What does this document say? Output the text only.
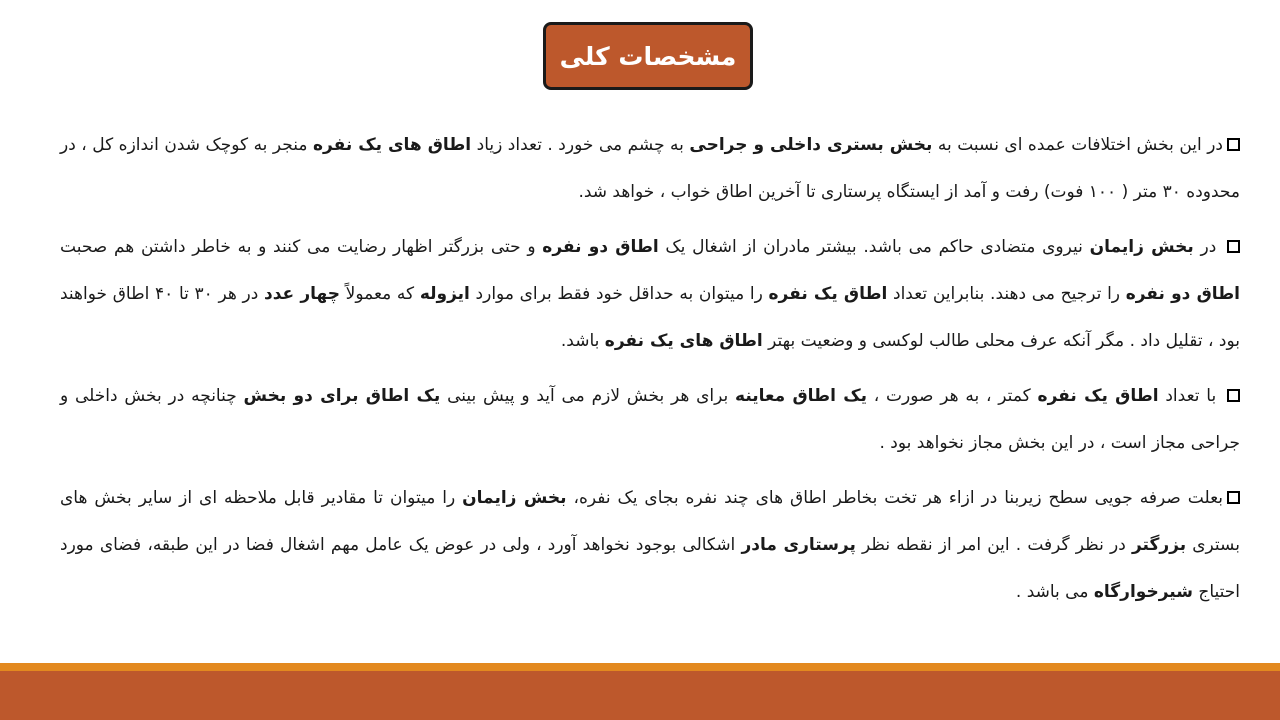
مشخصات کلی

در این بخش اختلافات عمده ای نسبت به بخش بستری داخلی و جراحی به چشم می خورد . تعداد زیاد اطاق های یک نفره منجر به کوچک شدن اندازه کل ، در محدوده ۳۰ متر ( ۱۰۰ فوت) رفت و آمد از ایستگاه پرستاری تا آخرین اطاق خواب ، خواهد شد.

در بخش زایمان نیروی متضادی حاکم می باشد. بیشتر مادران از اشغال یک اطاق دو نفره و حتی بزرگتر اظهار رضایت می کنند و به خاطر داشتن هم صحبت اطاق دو نفره را ترجیح می دهند. بنابراین تعداد اطاق یک نفره را میتوان به حداقل خود فقط برای موارد ایزوله که معمولاً چهار عدد در هر ۳۰ تا ۴۰ اطاق خواهند بود ، تقلیل داد . مگر آنکه عرف محلی طالب لوکسی و وضعیت بهتر اطاق های یک نفره باشد.

با تعداد اطاق یک نفره کمتر ، به هر صورت ، یک اطاق معاینه برای هر بخش لازم می آید و پیش بینی یک اطاق برای دو بخش چنانچه در بخش داخلی و جراحی مجاز است ، در این بخش مجاز نخواهد بود .

بعلت صرفه جویی سطح زیربنا در ازاء هر تخت بخاطر اطاق های چند نفره بجای یک نفره، بخش زایمان را میتوان تا مقادیر قابل ملاحظه ای از سایر بخش های بستری بزرگتر در نظر گرفت . این امر از نقطه نظر پرستاری مادر اشکالی بوجود نخواهد آورد ، ولی در عوض یک عامل مهم اشغال فضا در این طبقه، فضای مورد احتیاج شیرخوارگاه می باشد .
